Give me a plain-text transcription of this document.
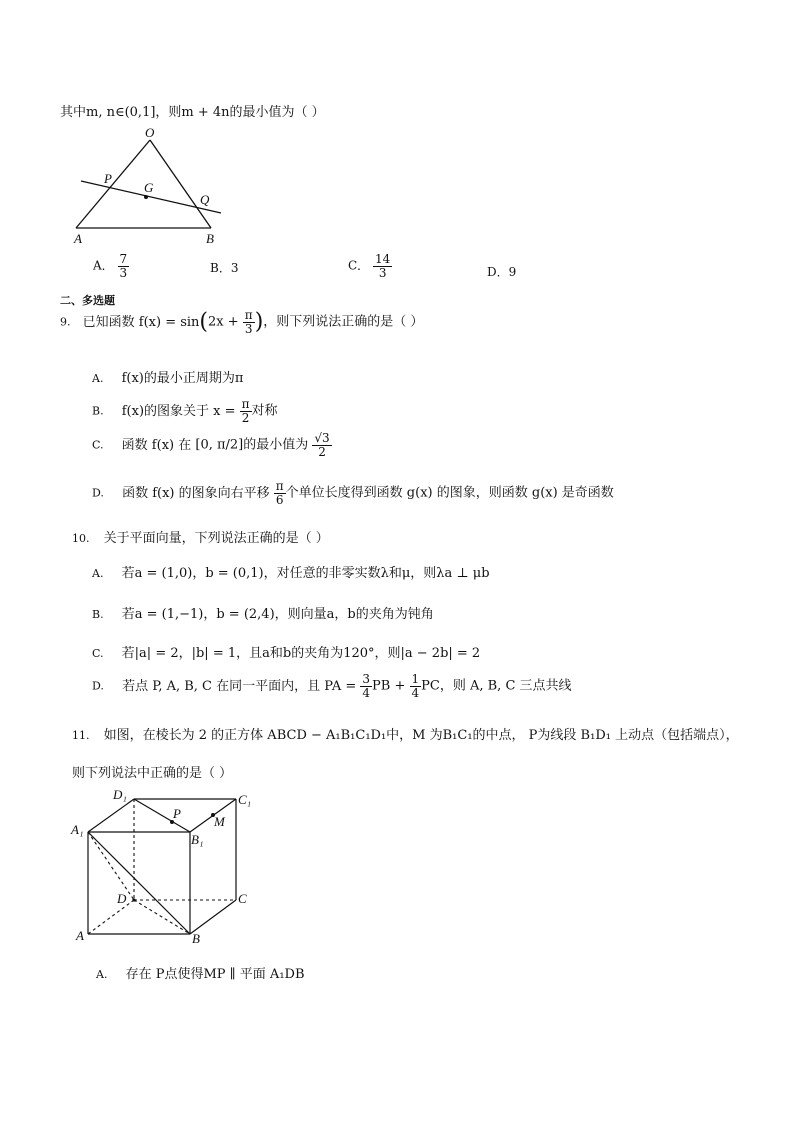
其中m, n∈(0,1]，则m + 4n的最小值为（ ）
O
P
G
Q
A	B
A． $\frac{7}{3}$	B．3	C． $\frac{14}{3}$	D．9
二、多选题
9. 已知函数 $f(x) = \sin(2x + \frac{\pi}{3}$ )，则下列说法正确的是（ ）
A. f(x)的最小正周期为π
B. f(x)的图象关于 $x = \frac{\pi}{2}$ 对称
C. 函数 f(x) 在 [0, π/2]的最小值为 $\frac{√3}{2}$
D. 函数 f(x) 的图象向右平移 $\frac{\pi}{6}$ 个单位长度得到函数 g(x) 的图象，则函数 g(x) 是奇函数
10. 关于平面向量，下列说法正确的是（ ）
A. 若a = (1,0)，b = (0,1)，对任意的非零实数λ和μ，则λa ⊥ μb
B. 若a = (1,−1)，b = (2,4)，则向量a，b的夹角为钝角
C. 若|a| = 2，|b| = 1，且a和b的夹角为120°，则|a − 2b| = 2
D. 若点 P, A, B, C 在同一平面内，且 PA = $\frac{3}{4}$ PB + $\frac{1}{4}$ PC，则 A, B, C 三点共线
11. 如图，在棱长为 2 的正方体 ABCD − A₁B₁C₁D₁中，M 为B₁C₁的中点， P为线段 B₁D₁ 上动点（包括端点），
则下列说法中正确的是（ ）
D₁	C₁
A₁
B₁
P
M
D	C
A	B
A. 存在 P点使得MP ∥ 平面 A₁DB
